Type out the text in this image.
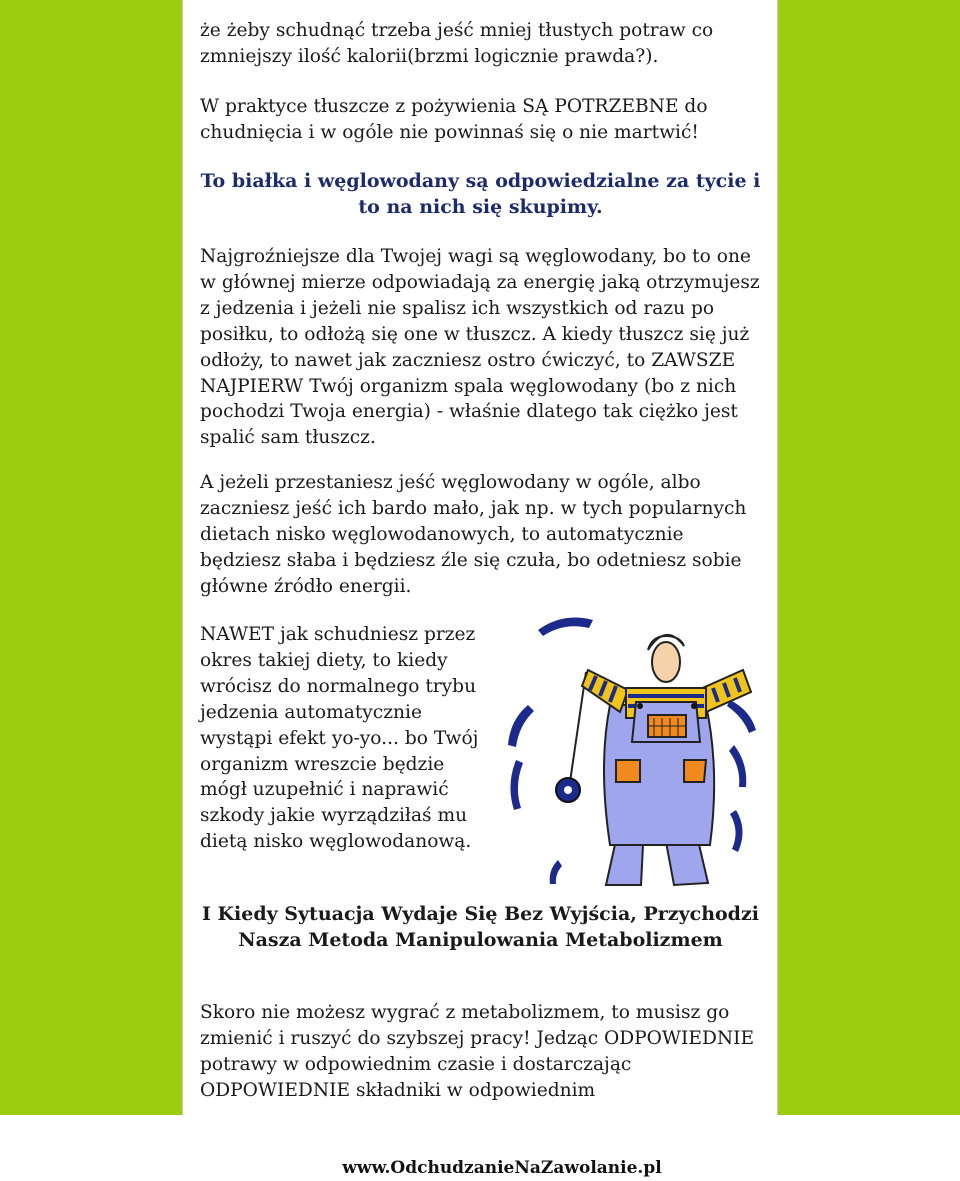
że żeby schudnąć trzeba jeść mniej tłustych potraw co zmniejszy ilość kalorii(brzmi logicznie prawda?).

W praktyce tłuszcze z pożywienia SĄ POTRZEBNE do chudnięcia i w ogóle nie powinnaś się o nie martwić!

To białka i węglowodany są odpowiedzialne za tycie i to na nich się skupimy.

Najgroźniejsze dla Twojej wagi są węglowodany, bo to one w głównej mierze odpowiadają za energię jaką otrzymujesz z jedzenia i jeżeli nie spalisz ich wszystkich od razu po posiłku, to odłożą się one w tłuszcz. A kiedy tłuszcz się już odłoży, to nawet jak zaczniesz ostro ćwiczyć, to ZAWSZE NAJPIERW Twój organizm spala węglowodany (bo z nich pochodzi Twoja energia) - właśnie dlatego tak ciężko jest spalić sam tłuszcz.

A jeżeli przestaniesz jeść węglowodany w ogóle, albo zaczniesz jeść ich bardo mało, jak np. w tych popularnych dietach nisko węglowodanowych, to automatycznie będziesz słaba i będziesz źle się czuła, bo odetniesz sobie główne źródło energii.

NAWET jak schudniesz przez okres takiej diety, to kiedy wrócisz do normalnego trybu jedzenia automatycznie wystąpi efekt yo-yo... bo Twój organizm wreszcie będzie mógł uzupełnić i naprawić szkody jakie wyrządziłaś mu dietą nisko węglowodanową.

I Kiedy Sytuacja Wydaje Się Bez Wyjścia, Przychodzi Nasza Metoda Manipulowania Metabolizmem

Skoro nie możesz wygrać z metabolizmem, to musisz go zmienić i ruszyć do szybszej pracy! Jedząc ODPOWIEDNIE potrawy w odpowiednim czasie i dostarczając ODPOWIEDNIE składniki w odpowiednim

www.OdchudzanieNaZawolanie.pl
